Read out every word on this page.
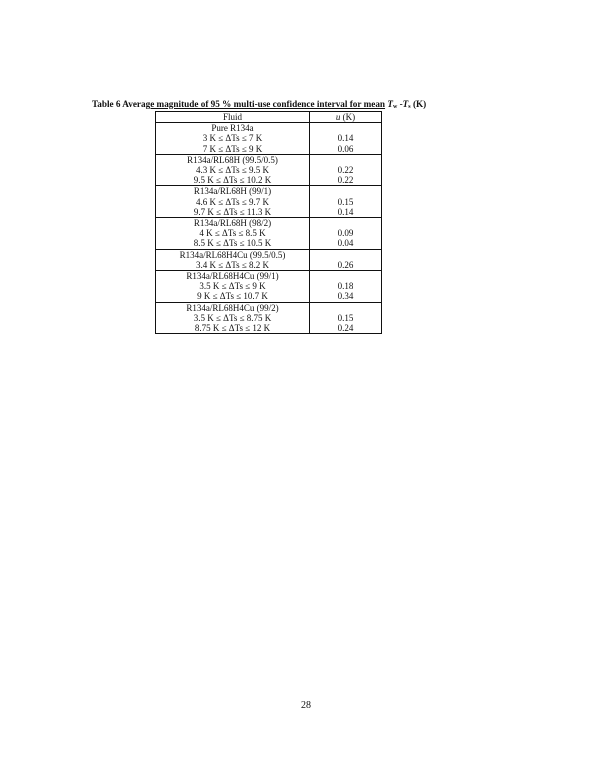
Table 6 Average magnitude of 95 % multi-use confidence interval for mean $T_w$ $-T_s$ (K)
Fluid	u (K)
Pure R134a	
3 K ≤ ΔTs ≤ 7 K	0.14
7 K ≤ ΔTs ≤ 9 K	0.06
R134a/RL68H (99.5/0.5)	
4.3 K ≤ ΔTs ≤ 9.5 K	0.22
9.5 K ≤ ΔTs ≤ 10.2 K	0.22
R134a/RL68H (99/1)	
4.6 K ≤ ΔTs ≤ 9.7 K	0.15
9.7 K ≤ ΔTs ≤ 11.3 K	0.14
R134a/RL68H (98/2)	
4 K ≤ ΔTs ≤ 8.5 K	0.09
8.5 K ≤ ΔTs ≤ 10.5 K	0.04
R134a/RL68H4Cu (99.5/0.5)	
3.4 K ≤ ΔTs ≤ 8.2 K	0.26
R134a/RL68H4Cu (99/1)	
3.5 K ≤ ΔTs ≤ 9 K	0.18
9 K ≤ ΔTs ≤ 10.7 K	0.34
R134a/RL68H4Cu (99/2)	
3.5 K ≤ ΔTs ≤ 8.75 K	0.15
8.75 K ≤ ΔTs ≤ 12 K	0.24
28
